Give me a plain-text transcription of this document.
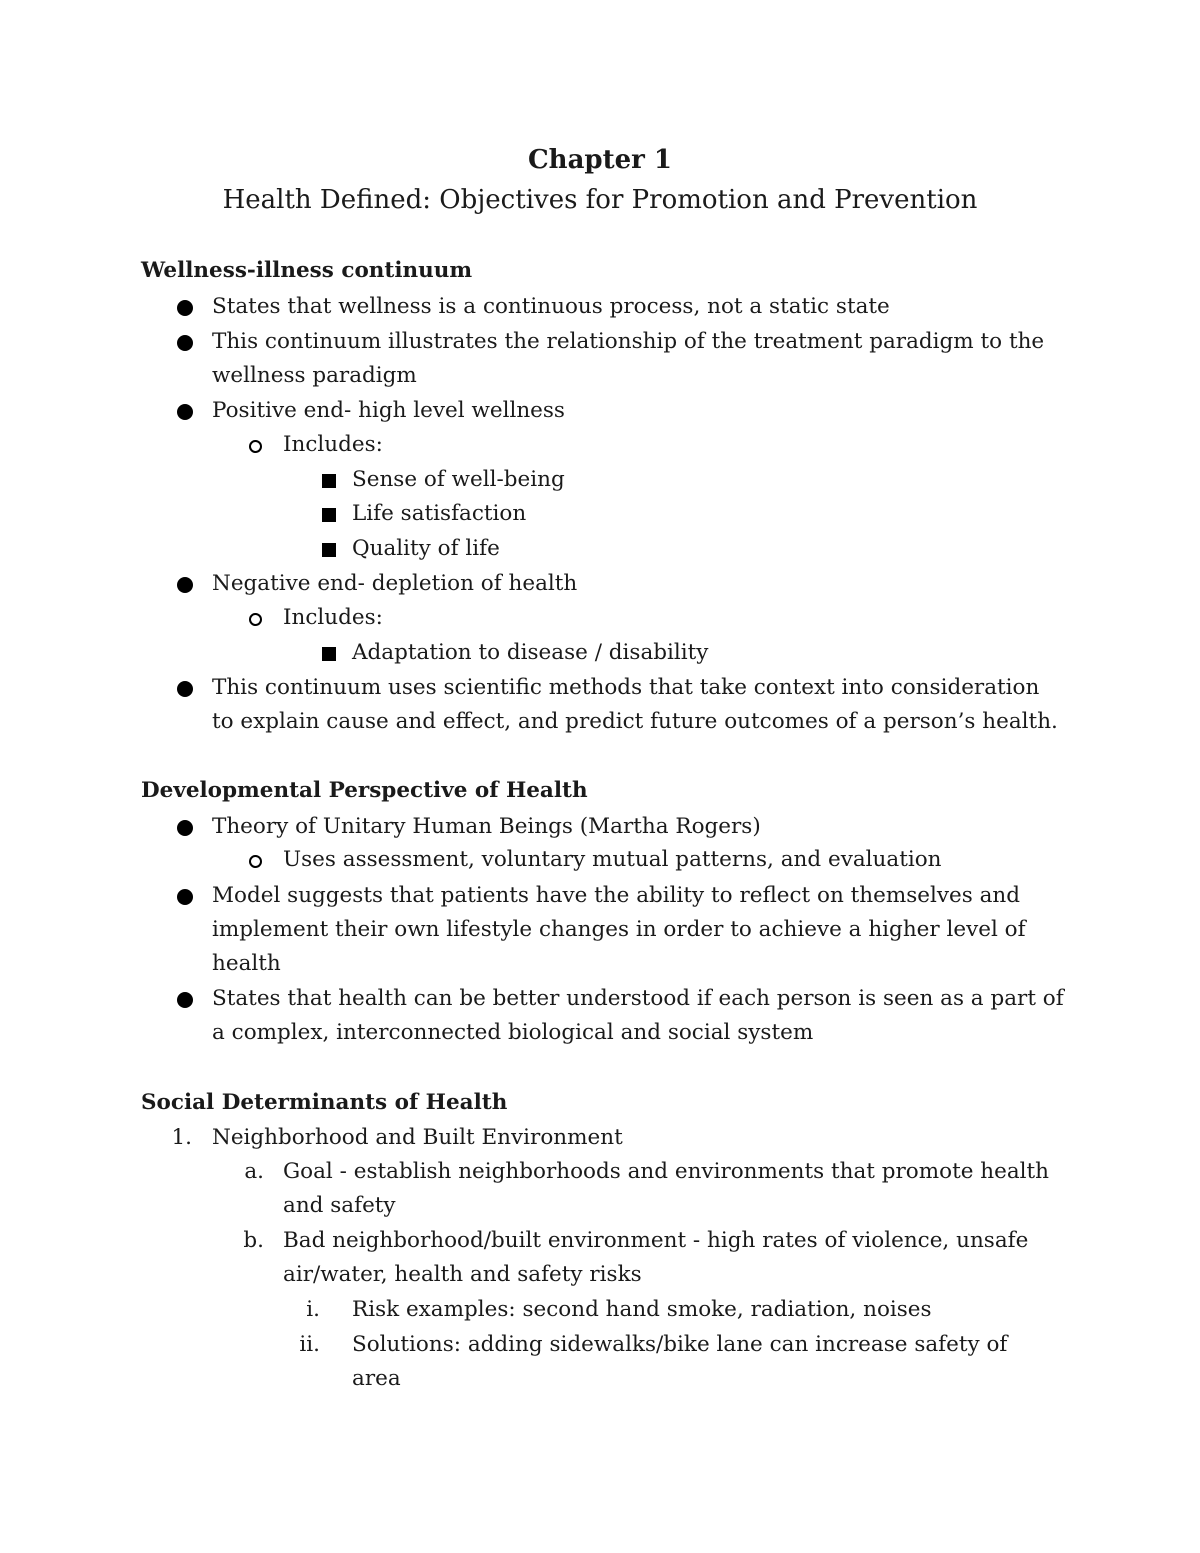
Chapter 1
Health Defined: Objectives for Promotion and Prevention
Wellness-illness continuum
States that wellness is a continuous process, not a static state
This continuum illustrates the relationship of the treatment paradigm to the
wellness paradigm
Positive end- high level wellness
Includes:
Sense of well-being
Life satisfaction
Quality of life
Negative end- depletion of health
Includes:
Adaptation to disease / disability
This continuum uses scientific methods that take context into consideration
to explain cause and effect, and predict future outcomes of a person’s health.
Developmental Perspective of Health
Theory of Unitary Human Beings (Martha Rogers)
Uses assessment, voluntary mutual patterns, and evaluation
Model suggests that patients have the ability to reflect on themselves and
implement their own lifestyle changes in order to achieve a higher level of
health
States that health can be better understood if each person is seen as a part of
a complex, interconnected biological and social system
Social Determinants of Health
1. Neighborhood and Built Environment
a. Goal - establish neighborhoods and environments that promote health
and safety
b. Bad neighborhood/built environment - high rates of violence, unsafe
air/water, health and safety risks
i. Risk examples: second hand smoke, radiation, noises
ii. Solutions: adding sidewalks/bike lane can increase safety of
area
